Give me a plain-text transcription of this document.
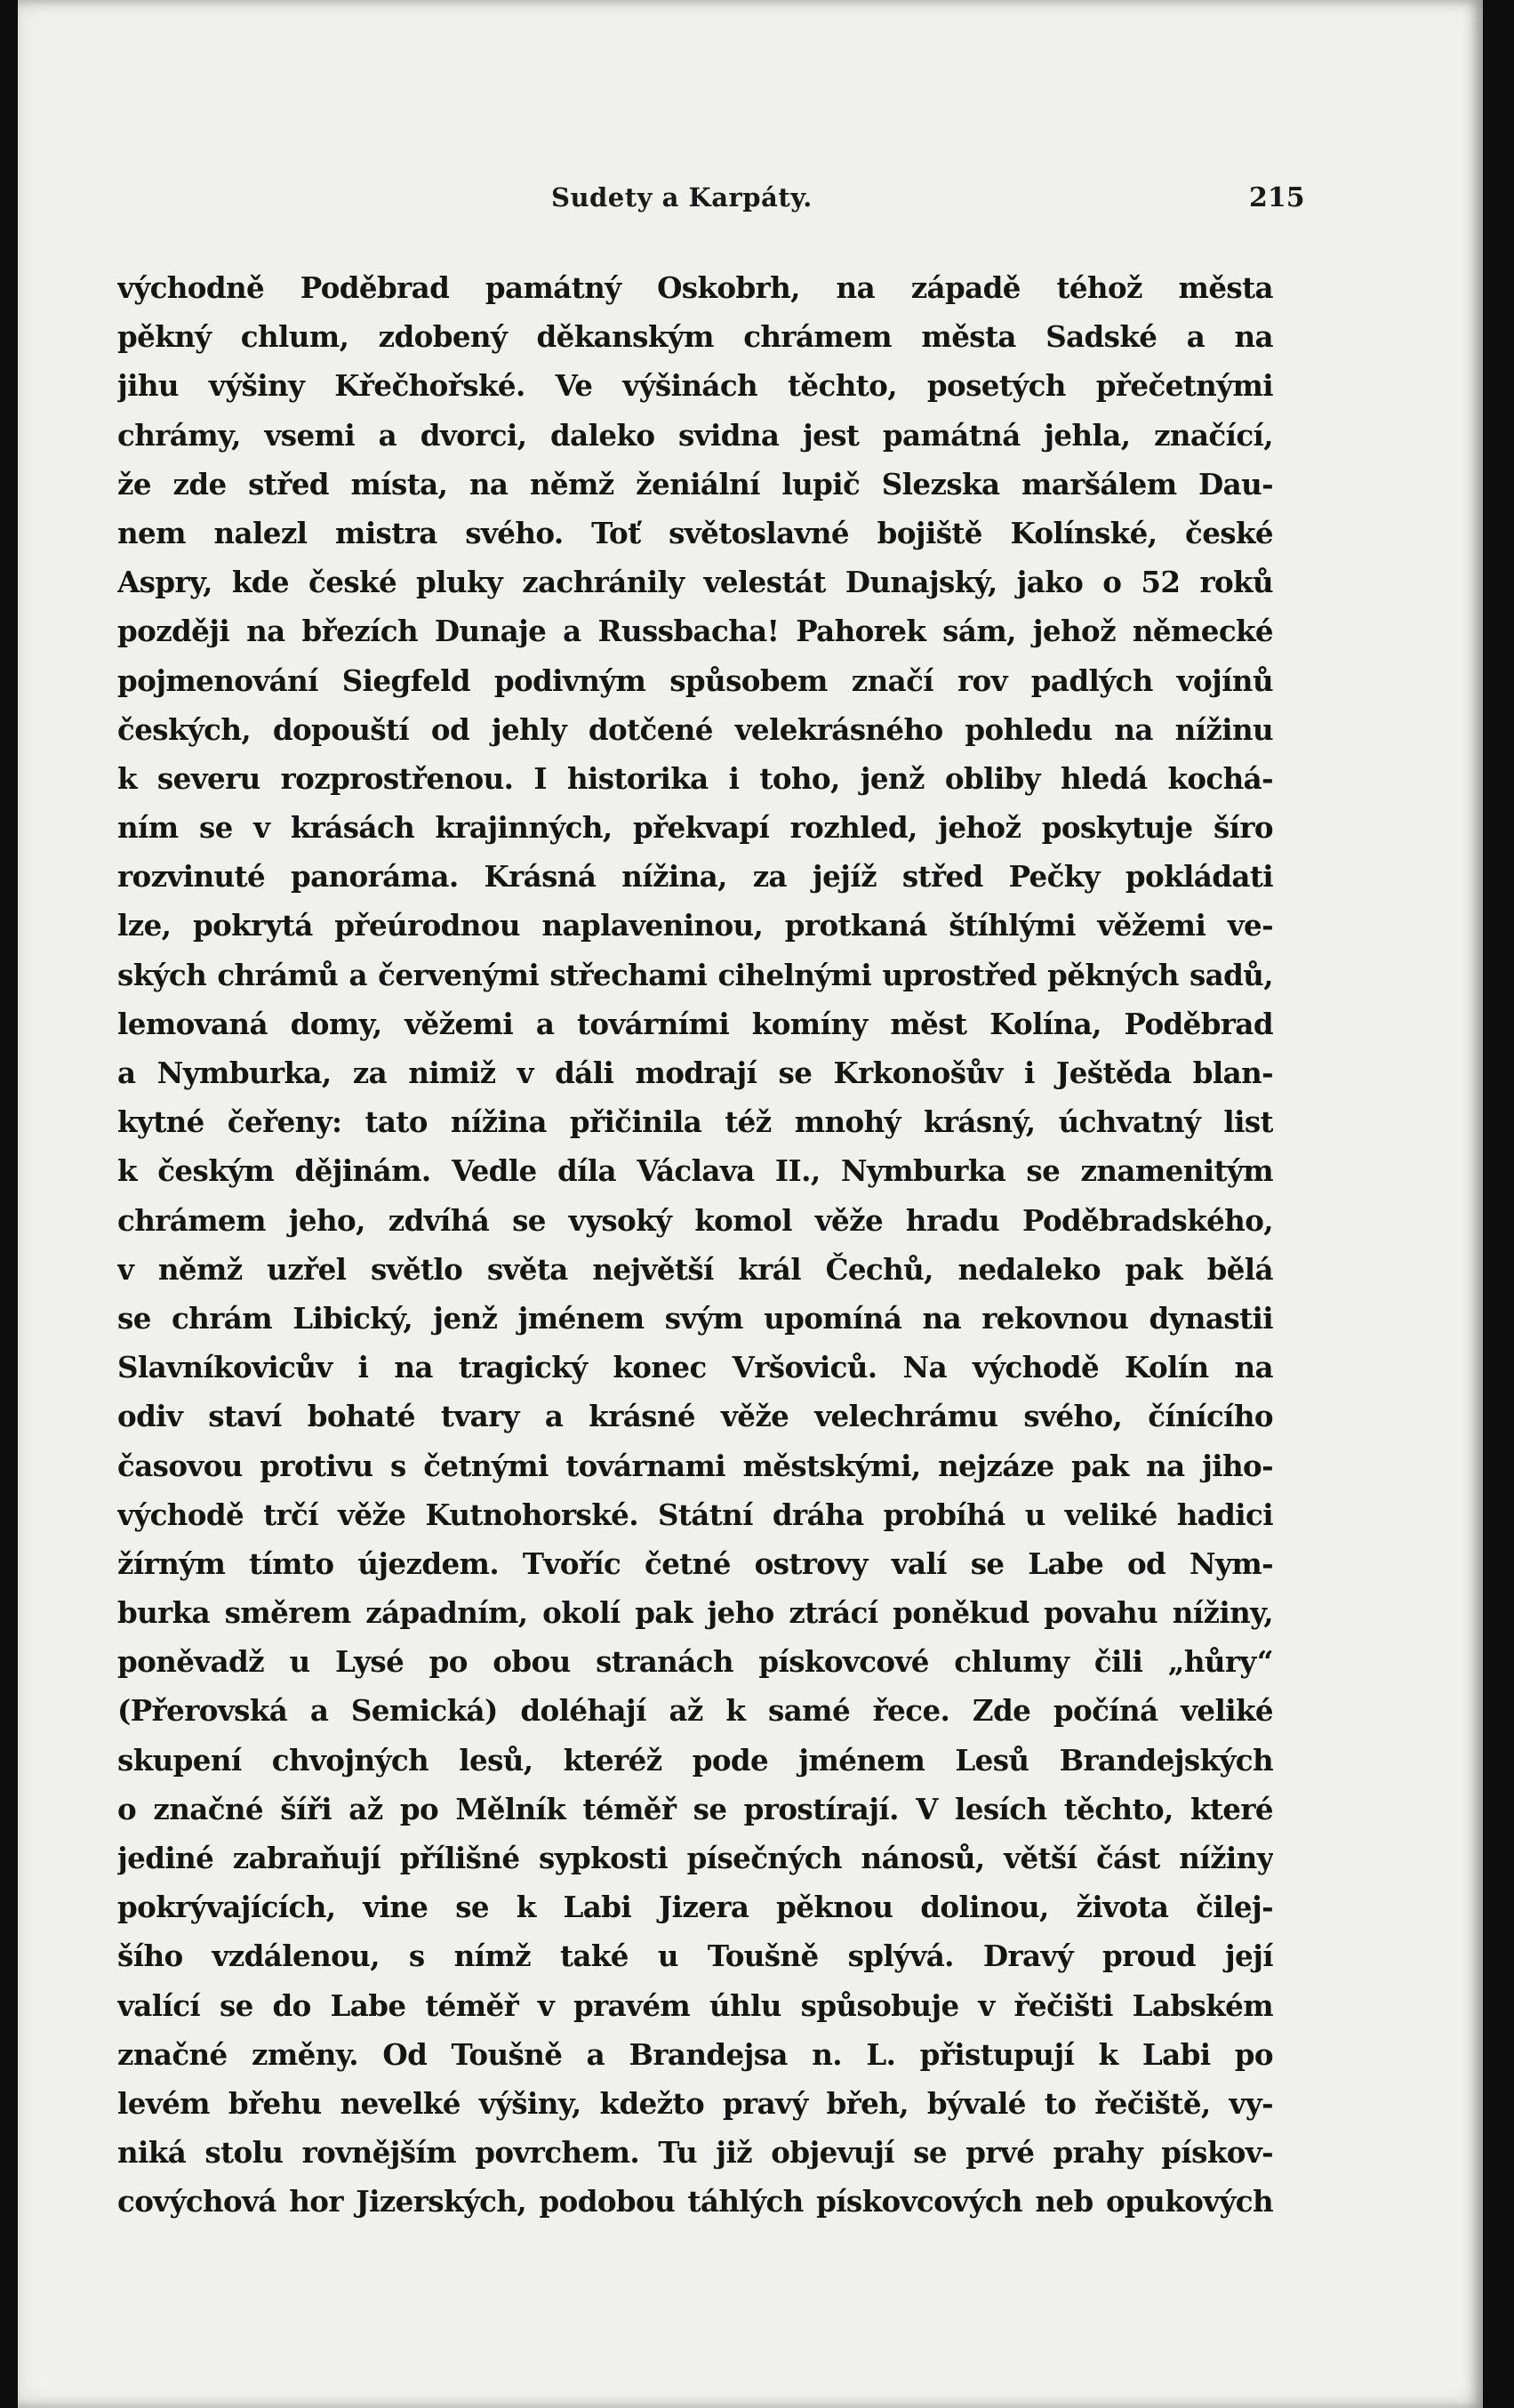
Sudety a Karpáty.	215
východně Poděbrad památný Oskobrh, na západě téhož města
pěkný chlum, zdobený děkanským chrámem města Sadské a na
jihu výšiny Křečhořské. Ve výšinách těchto, posetých přečetnými
chrámy, vsemi a dvorci, daleko svidna jest památná jehla, značící,
že zde střed místa, na němž ženiální lupič Slezska maršálem Dau-
nem nalezl mistra svého. Toť světoslavné bojiště Kolínské, české
Aspry, kde české pluky zachránily velestát Dunajský, jako o 52 roků
později na březích Dunaje a Russbacha! Pahorek sám, jehož německé
pojmenování Siegfeld podivným spůsobem značí rov padlých vojínů
českých, dopouští od jehly dotčené velekrásného pohledu na nížinu
k severu rozprostřenou. I historika i toho, jenž obliby hledá kochá-
ním se v krásách krajinných, překvapí rozhled, jehož poskytuje šíro
rozvinuté panoráma. Krásná nížina, za jejíž střed Pečky pokládati
lze, pokrytá přeúrodnou naplaveninou, protkaná štíhlými věžemi ve-
ských chrámů a červenými střechami cihelnými uprostřed pěkných sadů,
lemovaná domy, věžemi a továrními komíny měst Kolína, Poděbrad
a Nymburka, za nimiž v dáli modrají se Krkonošův i Ještěda blan-
kytné čeřeny: tato nížina přičinila též mnohý krásný, úchvatný list
k českým dějinám. Vedle díla Václava II., Nymburka se znamenitým
chrámem jeho, zdvíhá se vysoký komol věže hradu Poděbradského,
v němž uzřel světlo světa největší král Čechů, nedaleko pak bělá
se chrám Libický, jenž jménem svým upomíná na rekovnou dynastii
Slavníkovicův i na tragický konec Vršoviců. Na východě Kolín na
odiv staví bohaté tvary a krásné věže velechrámu svého, čínícího
časovou protivu s četnými továrnami městskými, nejzáze pak na jiho-
východě trčí věže Kutnohorské. Státní dráha probíhá u veliké hadici
žírným tímto újezdem. Tvoříc četné ostrovy valí se Labe od Nym-
burka směrem západním, okolí pak jeho ztrácí poněkud povahu nížiny,
poněvadž u Lysé po obou stranách pískovcové chlumy čili „hůry“
(Přerovská a Semická) doléhají až k samé řece. Zde počíná veliké
skupení chvojných lesů, kteréž pode jménem Lesů Brandejských
o značné šíři až po Mělník téměř se prostírají. V lesích těchto, které
jediné zabraňují přílišné sypkosti písečných nánosů, větší část nížiny
pokrývajících, vine se k Labi Jizera pěknou dolinou, života čilej-
šího vzdálenou, s nímž také u Toušně splývá. Dravý proud její
valící se do Labe téměř v pravém úhlu spůsobuje v řečišti Labském
značné změny. Od Toušně a Brandejsa n. L. přistupují k Labi po
levém břehu nevelké výšiny, kdežto pravý břeh, bývalé to řečiště, vy-
niká stolu rovnějším povrchem. Tu již objevují se prvé prahy pískov-
covýchová hor Jizerských, podobou táhlých pískovcových neb opukových
